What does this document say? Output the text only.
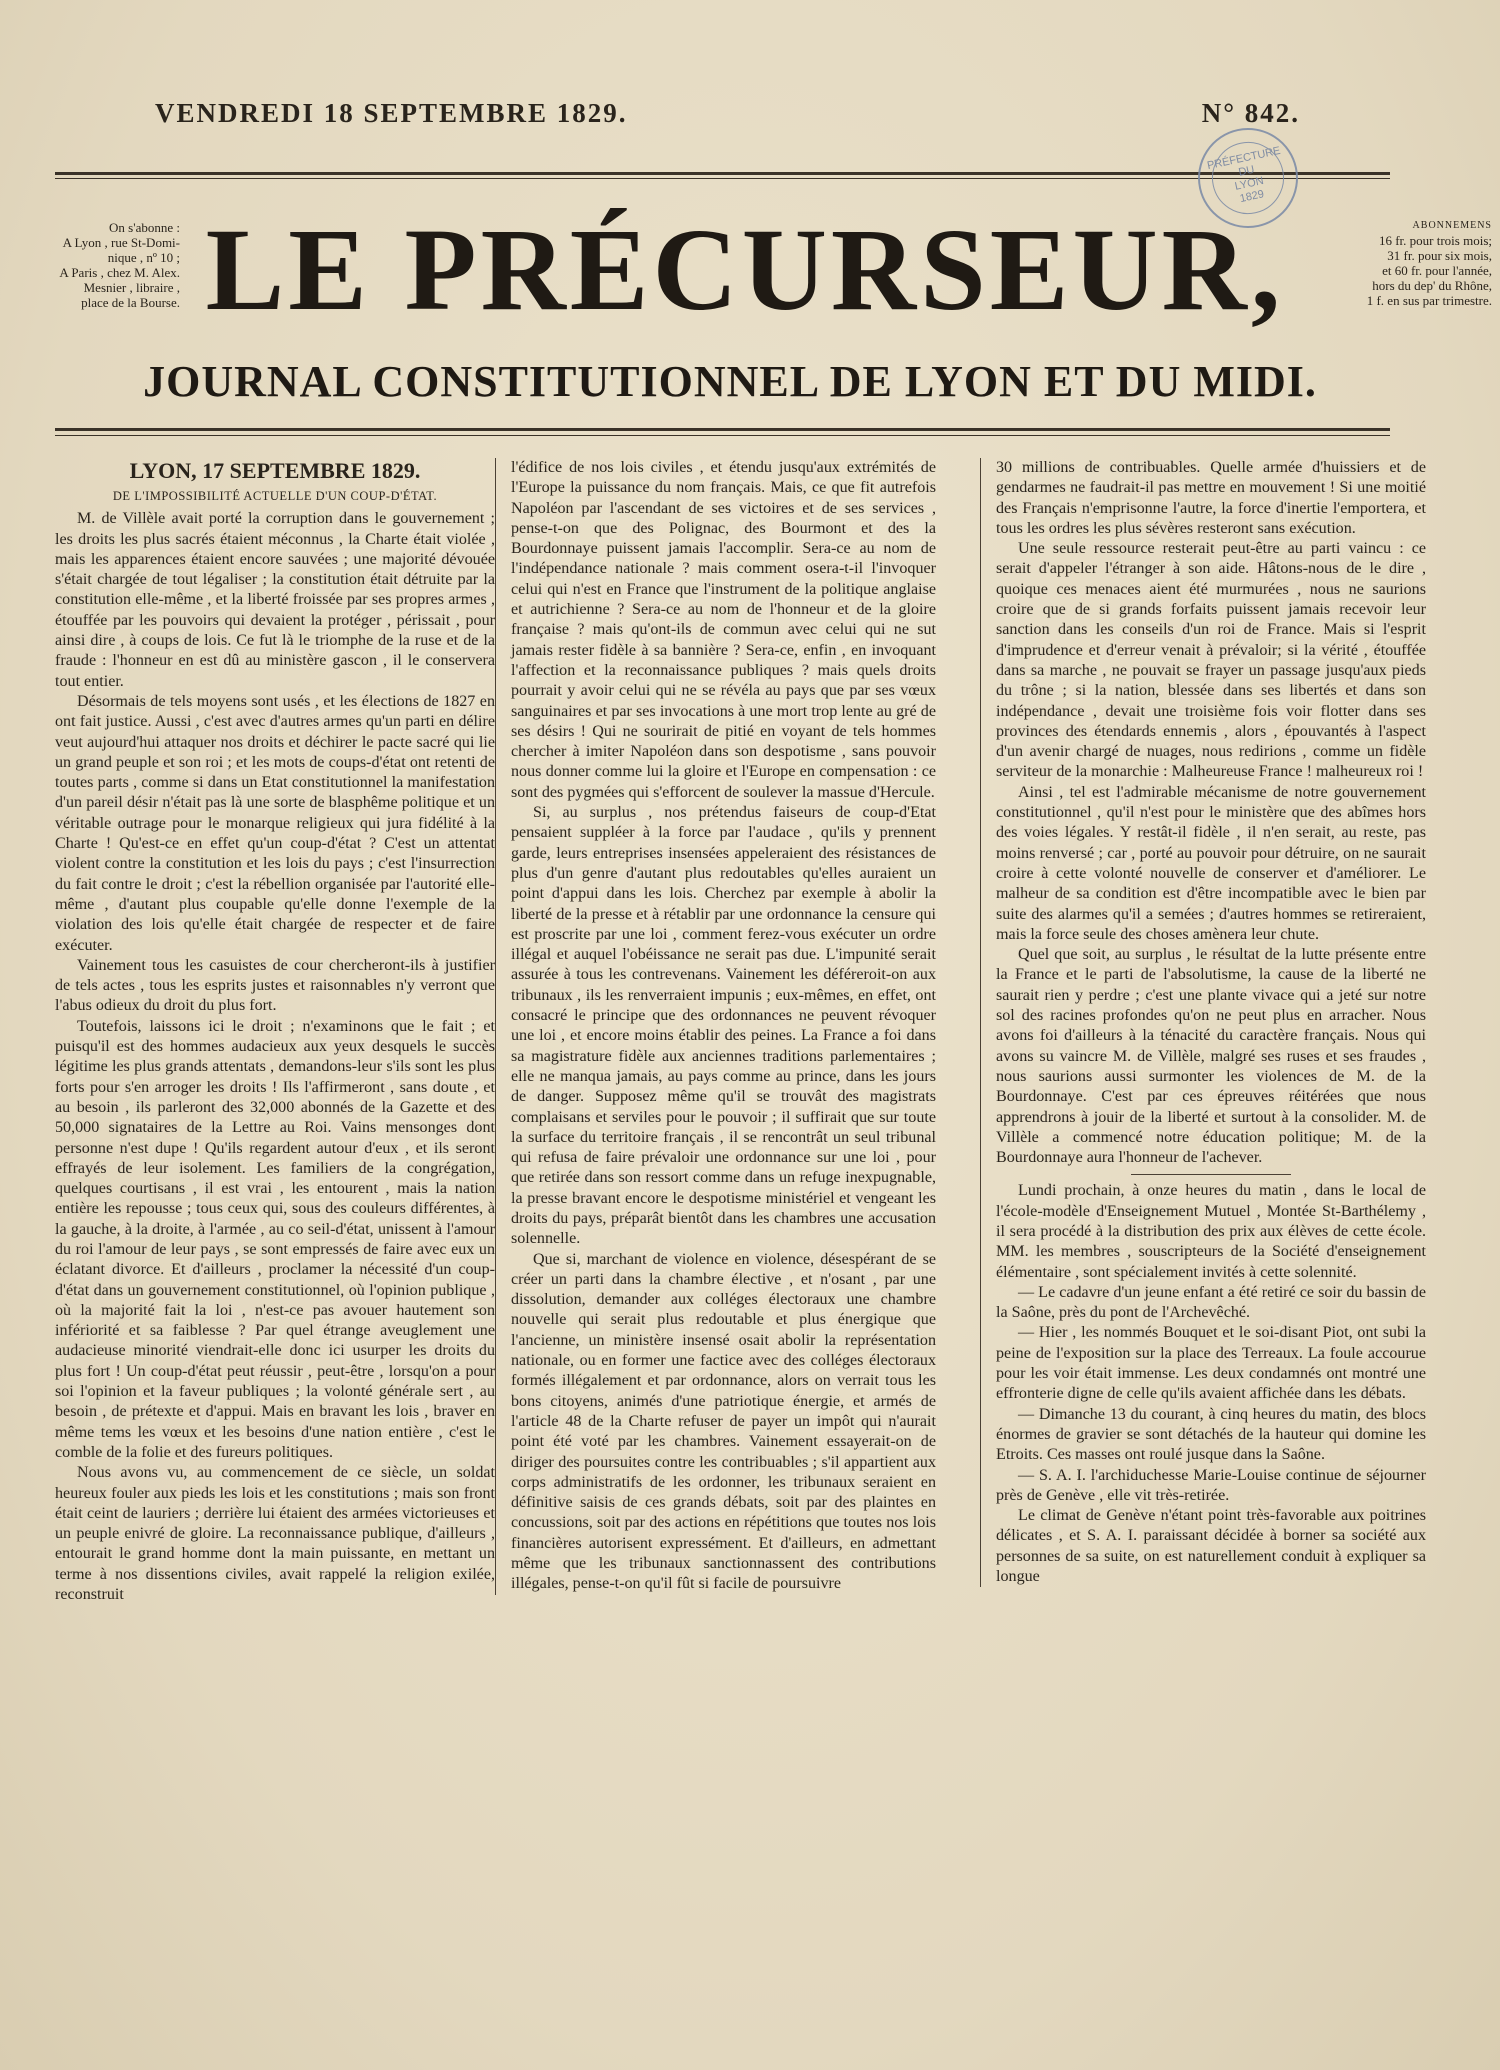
VENDREDI 18 SEPTEMBRE 1829.	N° 842.
PRÉFECTURE DU
LYON
1829
On s'abonne :
A Lyon , rue St-Domi-
nique , nº 10 ;
A Paris , chez M. Alex.
Mesnier , libraire ,
place de la Bourse. LE PRÉCURSEUR,	ABONNEMENS
16 fr. pour trois mois;
31 fr. pour six mois,
et 60 fr. pour l'année,
hors du dep' du Rhône,
1 f. en sus par trimestre.
JOURNAL CONSTITUTIONNEL DE LYON ET DU MIDI.

LYON, 17 SEPTEMBRE 1829.

DE L'IMPOSSIBILITÉ ACTUELLE D'UN COUP-D'ÉTAT.

M. de Villèle avait porté la corruption dans le gouvernement ; les droits les plus sacrés étaient méconnus , la Charte était violée , mais les apparences étaient encore sauvées ; une majorité dévouée s'était chargée de tout légaliser ; la constitution était détruite par la constitution elle-même , et la liberté froissée par ses propres armes , étouffée par les pouvoirs qui devaient la protéger , périssait , pour ainsi dire , à coups de lois. Ce fut là le triomphe de la ruse et de la fraude : l'honneur en est dû au ministère gascon , il le conservera tout entier.

Désormais de tels moyens sont usés , et les élections de 1827 en ont fait justice. Aussi , c'est avec d'autres armes qu'un parti en délire veut aujourd'hui attaquer nos droits et déchirer le pacte sacré qui lie un grand peuple et son roi ; et les mots de coups-d'état ont retenti de toutes parts , comme si dans un Etat constitutionnel la manifestation d'un pareil désir n'était pas là une sorte de blasphême politique et un véritable outrage pour le monarque religieux qui jura fidélité à la Charte ! Qu'est-ce en effet qu'un coup-d'état ? C'est un attentat violent contre la constitution et les lois du pays ; c'est l'insurrection du fait contre le droit ; c'est la rébellion organisée par l'autorité elle-même , d'autant plus coupable qu'elle donne l'exemple de la violation des lois qu'elle était chargée de respecter et de faire exécuter.

Vainement tous les casuistes de cour chercheront-ils à justifier de tels actes , tous les esprits justes et raisonnables n'y verront que l'abus odieux du droit du plus fort.

Toutefois, laissons ici le droit ; n'examinons que le fait ; et puisqu'il est des hommes audacieux aux yeux desquels le succès légitime les plus grands attentats , demandons-leur s'ils sont les plus forts pour s'en arroger les droits ! Ils l'affirmeront , sans doute , et au besoin , ils parleront des 32,000 abonnés de la Gazette et des 50,000 signataires de la Lettre au Roi. Vains mensonges dont personne n'est dupe ! Qu'ils regardent autour d'eux , et ils seront effrayés de leur isolement. Les familiers de la congrégation, quelques courtisans , il est vrai , les entourent , mais la nation entière les repousse ; tous ceux qui, sous des couleurs différentes, à la gauche, à la droite, à l'armée , au co seil-d'état, unissent à l'amour du roi l'amour de leur pays , se sont empressés de faire avec eux un éclatant divorce. Et d'ailleurs , proclamer la nécessité d'un coup-d'état dans un gouvernement constitutionnel, où l'opinion publique , où la majorité fait la loi , n'est-ce pas avouer hautement son infériorité et sa faiblesse ? Par quel étrange aveuglement une audacieuse minorité viendrait-elle donc ici usurper les droits du plus fort ! Un coup-d'état peut réussir , peut-être , lorsqu'on a pour soi l'opinion et la faveur publiques ; la volonté générale sert , au besoin , de prétexte et d'appui. Mais en bravant les lois , braver en même tems les vœux et les besoins d'une nation entière , c'est le comble de la folie et des fureurs politiques.

Nous avons vu, au commencement de ce siècle, un soldat heureux fouler aux pieds les lois et les constitutions ; mais son front était ceint de lauriers ; derrière lui étaient des armées victorieuses et un peuple enivré de gloire. La reconnaissance publique, d'ailleurs , entourait le grand homme dont la main puissante, en mettant un terme à nos dissentions civiles, avait rappelé la religion exilée, reconstruit

l'édifice de nos lois civiles , et étendu jusqu'aux extrémités de l'Europe la puissance du nom français. Mais, ce que fit autrefois Napoléon par l'ascendant de ses victoires et de ses services , pense-t-on que des Polignac, des Bourmont et des la Bourdonnaye puissent jamais l'accomplir. Sera-ce au nom de l'indépendance nationale ? mais comment osera-t-il l'invoquer celui qui n'est en France que l'instrument de la politique anglaise et autrichienne ? Sera-ce au nom de l'honneur et de la gloire française ? mais qu'ont-ils de commun avec celui qui ne sut jamais rester fidèle à sa bannière ? Sera-ce, enfin , en invoquant l'affection et la reconnaissance publiques ? mais quels droits pourrait y avoir celui qui ne se révéla au pays que par ses vœux sanguinaires et par ses invocations à une mort trop lente au gré de ses désirs ! Qui ne sourirait de pitié en voyant de tels hommes chercher à imiter Napoléon dans son despotisme , sans pouvoir nous donner comme lui la gloire et l'Europe en compensation : ce sont des pygmées qui s'efforcent de soulever la massue d'Hercule.

Si, au surplus , nos prétendus faiseurs de coup-d'Etat pensaient suppléer à la force par l'audace , qu'ils y prennent garde, leurs entreprises insensées appeleraient des résistances de plus d'un genre d'autant plus redoutables qu'elles auraient un point d'appui dans les lois. Cherchez par exemple à abolir la liberté de la presse et à rétablir par une ordonnance la censure qui est proscrite par une loi , comment ferez-vous exécuter un ordre illégal et auquel l'obéissance ne serait pas due. L'impunité serait assurée à tous les contrevenans. Vainement les déféreroit-on aux tribunaux , ils les renverraient impunis ; eux-mêmes, en effet, ont consacré le principe que des ordonnances ne peuvent révoquer une loi , et encore moins établir des peines. La France a foi dans sa magistrature fidèle aux anciennes traditions parlementaires ; elle ne manqua jamais, au pays comme au prince, dans les jours de danger. Supposez même qu'il se trouvât des magistrats complaisans et serviles pour le pouvoir ; il suffirait que sur toute la surface du territoire français , il se rencontrât un seul tribunal qui refusa de faire prévaloir une ordonnance sur une loi , pour que retirée dans son ressort comme dans un refuge inexpugnable, la presse bravant encore le despotisme ministériel et vengeant les droits du pays, préparât bientôt dans les chambres une accusation solennelle.

Que si, marchant de violence en violence, désespérant de se créer un parti dans la chambre élective , et n'osant , par une dissolution, demander aux colléges électoraux une chambre nouvelle qui serait plus redoutable et plus énergique que l'ancienne, un ministère insensé osait abolir la représentation nationale, ou en former une factice avec des colléges électoraux formés illégalement et par ordonnance, alors on verrait tous les bons citoyens, animés d'une patriotique énergie, et armés de l'article 48 de la Charte refuser de payer un impôt qui n'aurait point été voté par les chambres. Vainement essayerait-on de diriger des poursuites contre les contribuables ; s'il appartient aux corps administratifs de les ordonner, les tribunaux seraient en définitive saisis de ces grands débats, soit par des plaintes en concussions, soit par des actions en répétitions que toutes nos lois financières autorisent expressément. Et d'ailleurs, en admettant même que les tribunaux sanctionnassent des contributions illégales, pense-t-on qu'il fût si facile de poursuivre

30 millions de contribuables. Quelle armée d'huissiers et de gendarmes ne faudrait-il pas mettre en mouvement ! Si une moitié des Français n'emprisonne l'autre, la force d'inertie l'emportera, et tous les ordres les plus sévères resteront sans exécution.

Une seule ressource resterait peut-être au parti vaincu : ce serait d'appeler l'étranger à son aide. Hâtons-nous de le dire , quoique ces menaces aient été murmurées , nous ne saurions croire que de si grands forfaits puissent jamais recevoir leur sanction dans les conseils d'un roi de France. Mais si l'esprit d'imprudence et d'erreur venait à prévaloir; si la vérité , étouffée dans sa marche , ne pouvait se frayer un passage jusqu'aux pieds du trône ; si la nation, blessée dans ses libertés et dans son indépendance , devait une troisième fois voir flotter dans ses provinces des étendards ennemis , alors , épouvantés à l'aspect d'un avenir chargé de nuages, nous redirions , comme un fidèle serviteur de la monarchie : Malheureuse France ! malheureux roi !

Ainsi , tel est l'admirable mécanisme de notre gouvernement constitutionnel , qu'il n'est pour le ministère que des abîmes hors des voies légales. Y restât-il fidèle , il n'en serait, au reste, pas moins renversé ; car , porté au pouvoir pour détruire, on ne saurait croire à cette volonté nouvelle de conserver et d'améliorer. Le malheur de sa condition est d'être incompatible avec le bien par suite des alarmes qu'il a semées ; d'autres hommes se retireraient, mais la force seule des choses amènera leur chute.

Quel que soit, au surplus , le résultat de la lutte présente entre la France et le parti de l'absolutisme, la cause de la liberté ne saurait rien y perdre ; c'est une plante vivace qui a jeté sur notre sol des racines profondes qu'on ne peut plus en arracher. Nous avons foi d'ailleurs à la ténacité du caractère français. Nous qui avons su vaincre M. de Villèle, malgré ses ruses et ses fraudes , nous saurions aussi surmonter les violences de M. de la Bourdonnaye. C'est par ces épreuves réitérées que nous apprendrons à jouir de la liberté et surtout à la consolider. M. de Villèle a commencé notre éducation politique; M. de la Bourdonnaye aura l'honneur de l'achever.

Lundi prochain, à onze heures du matin , dans le local de l'école-modèle d'Enseignement Mutuel , Montée St-Barthélemy , il sera procédé à la distribution des prix aux élèves de cette école. MM. les membres , souscripteurs de la Société d'enseignement élémentaire , sont spécialement invités à cette solennité.

— Le cadavre d'un jeune enfant a été retiré ce soir du bassin de la Saône, près du pont de l'Archevêché.

— Hier , les nommés Bouquet et le soi-disant Piot, ont subi la peine de l'exposition sur la place des Terreaux. La foule accourue pour les voir était immense. Les deux condamnés ont montré une effronterie digne de celle qu'ils avaient affichée dans les débats.

— Dimanche 13 du courant, à cinq heures du matin, des blocs énormes de gravier se sont détachés de la hauteur qui domine les Etroits. Ces masses ont roulé jusque dans la Saône.

— S. A. I. l'archiduchesse Marie-Louise continue de séjourner près de Genève , elle vit très-retirée.

Le climat de Genève n'étant point très-favorable aux poitrines délicates , et S. A. I. paraissant décidée à borner sa société aux personnes de sa suite, on est naturellement conduit à expliquer sa longue
